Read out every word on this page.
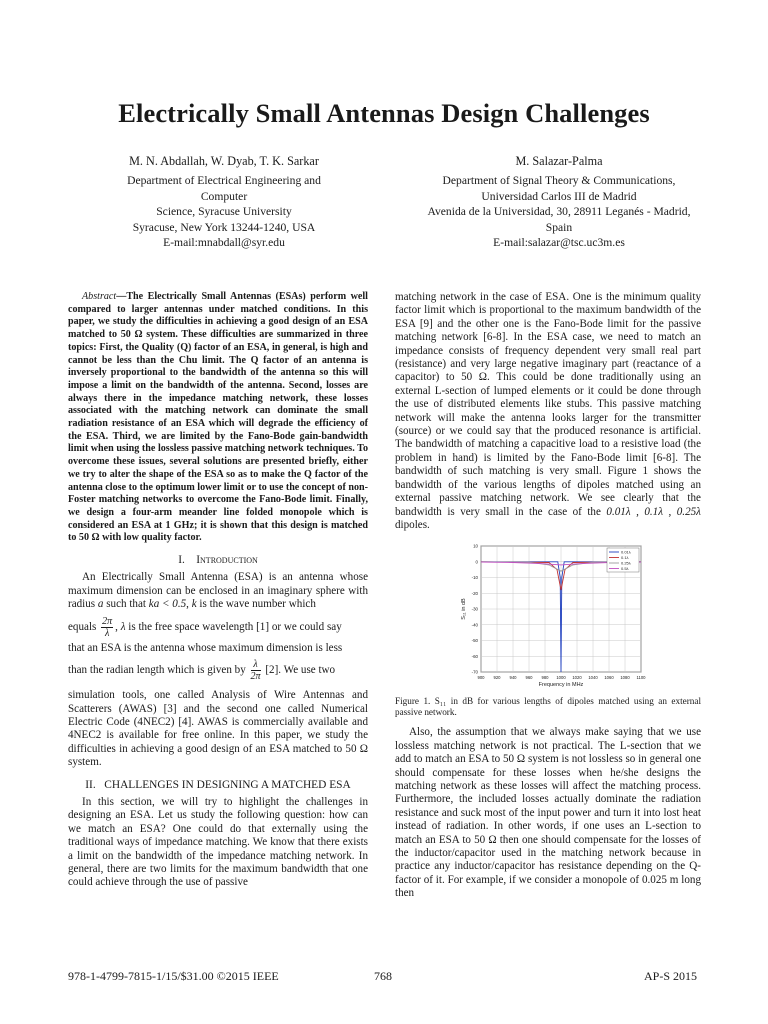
Electrically Small Antennas Design Challenges
M. N. Abdallah, W. Dyab, T. K. Sarkar
Department of Electrical Engineering and Computer
Science, Syracuse University
Syracuse, New York 13244-1240, USA
E-mail:mnabdall@syr.edu
M. Salazar-Palma
Department of Signal Theory & Communications,
Universidad Carlos III de Madrid
Avenida de la Universidad, 30, 28911 Leganés - Madrid,
Spain
E-mail:salazar@tsc.uc3m.es

Abstract—The Electrically Small Antennas (ESAs) perform well compared to larger antennas under matched conditions. In this paper, we study the difficulties in achieving a good design of an ESA matched to 50 Ω system. These difficulties are summarized in three topics: First, the Quality (Q) factor of an ESA, in general, is high and cannot be less than the Chu limit. The Q factor of an antenna is inversely proportional to the bandwidth of the antenna so this will impose a limit on the bandwidth of the antenna. Second, losses are always there in the impedance matching network, these losses associated with the matching network can dominate the small radiation resistance of an ESA which will degrade the efficiency of the ESA. Third, we are limited by the Fano-Bode gain-bandwidth limit when using the lossless passive matching network techniques. To overcome these issues, several solutions are presented briefly, either we try to alter the shape of the ESA so as to make the Q factor of the antenna close to the optimum lower limit or to use the concept of non-Foster matching networks to overcome the Fano-Bode limit. Finally, we design a four-arm meander line folded monopole which is considered an ESA at 1 GHz; it is shown that this design is matched to 50 Ω with low quality factor.

I. Introduction

An Electrically Small Antenna (ESA) is an antenna whose maximum dimension can be enclosed in an imaginary sphere with radius a such that ka < 0.5, k is the wave number which

equals $\frac{2\pi}{\lambda}$ , λ is the free space wavelength [1] or we could say

that an ESA is the antenna whose maximum dimension is less

than the radian length which is given by $\frac{\lambda}{2\pi} [2]$. We use two

simulation tools, one called Analysis of Wire Antennas and Scatterers (AWAS) [3] and the second one called Numerical Electric Code (4NEC2) [4]. AWAS is commercially available and 4NEC2 is available for free online. In this paper, we study the difficulties in achieving a good design of an ESA matched to 50 Ω system.

II. CHALLENGES IN DESIGNING A MATCHED ESA

In this section, we will try to highlight the challenges in designing an ESA. Let us study the following question: how can we match an ESA? One could do that externally using the traditional ways of impedance matching. We know that there exists a limit on the bandwidth of the impedance matching network. In general, there are two limits for the maximum bandwidth that one could achieve through the use of passive

matching network in the case of ESA. One is the minimum quality factor limit which is proportional to the maximum bandwidth of the ESA [9] and the other one is the Fano-Bode limit for the passive matching network [6-8]. In the ESA case, we need to match an impedance consists of frequency dependent very small real part (resistance) and very large negative imaginary part (reactance of a capacitor) to 50 Ω. This could be done traditionally using an external L-section of lumped elements or it could be done through the use of distributed elements like stubs. This passive matching network will make the antenna looks larger for the transmitter (source) or we could say that the produced resonance is artificial. The bandwidth of matching a capacitive load to a resistive load (the problem in hand) is limited by the Fano-Bode limit [6-8]. The bandwidth of such matching is very small. Figure 1 shows the bandwidth of the various lengths of dipoles matched using an external passive matching network. We see clearly that the bandwidth is very small in the case of the 0.01λ , 0.1λ , 0.25λ dipoles.

900 920 940 960 980 1000 1020 1040 1060 1080 1100
10
0
-10
-20
-30
-40
-50
-60
-70
0.01λ
0.1λ
0.25λ
0.5λ
Frequency in MHz
S₁₁ in dB

Figure 1. S₁₁ in dB for various lengths of dipoles matched using an external passive network.

Also, the assumption that we always make saying that we use lossless matching network is not practical. The L-section that we add to match an ESA to 50 Ω system is not lossless so in general one should compensate for these losses when he/she designs the matching network as these losses will affect the matching process. Furthermore, the included losses actually dominate the radiation resistance and suck most of the input power and turn it into lost heat instead of radiation. In other words, if one uses an L-section to match an ESA to 50 Ω then one should compensate for the losses of the inductor/capacitor used in the matching network because in practice any inductor/capacitor has resistance depending on the Q-factor of it. For example, if we consider a monopole of 0.025 m long then

978-1-4799-7815-1/15/$31.00 ©2015 IEEE	768	AP-S 2015
